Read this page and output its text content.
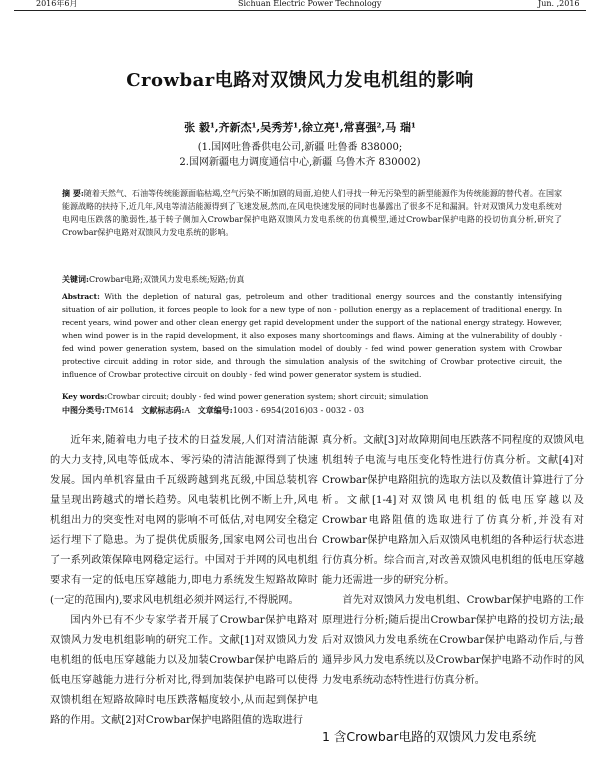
2016年6月	Sichuan Electric Power Technology	Jun. ,2016
Crowbar电路对双馈风力发电机组的影响
张 毅¹,齐新杰¹,吴秀芳¹,徐立亮¹,常喜强²,马 瑞¹
(1.国网吐鲁番供电公司,新疆 吐鲁番 838000;
2.国网新疆电力调度通信中心,新疆 乌鲁木齐 830002)
摘 要:随着天然气、石油等传统能源面临枯竭,空气污染不断加剧的局面,迫使人们寻找一种无污染型的新型能源作为传统能源的替代者。在国家能源战略的扶持下,近几年,风电等清洁能源得到了飞速发展,然而,在风电快速发展的同时也暴露出了很多不足和漏洞。针对双馈风力发电系统对电网电压跌落的脆弱性,基于转子侧加入Crowbar保护电路双馈风力发电系统的仿真模型,通过Crowbar保护电路的投切仿真分析,研究了Crowbar保护电路对双馈风力发电系统的影响。
关键词:Crowbar电路;双馈风力发电系统;短路;仿真
Abstract: With the depletion of natural gas, petroleum and other traditional energy sources and the constantly intensifying situation of air pollution, it forces people to look for a new type of non - pollution energy as a replacement of traditional energy. In recent years, wind power and other clean energy get rapid development under the support of the national energy strategy. However, when wind power is in the rapid development, it also exposes many shortcomings and flaws. Aiming at the vulnerability of doubly - fed wind power generation system, based on the simulation model of doubly - fed wind power generation system with Crowbar protective circuit adding in rotor side, and through the simulation analysis of the switching of Crowbar protective circuit, the influence of Crowbar protective circuit on doubly - fed wind power generator system is studied.
Key words:Crowbar circuit; doubly - fed wind power generation system; short circuit; simulation
中图分类号:TM614 文献标志码:A 文章编号:1003 - 6954(2016)03 - 0032 - 03

近年来,随着电力电子技术的日益发展,人们对清洁能源的大力支持,风电等低成本、零污染的清洁能源得到了快速发展。国内单机容量由千瓦级跨越到兆瓦级,中国总装机容量呈现出跨越式的增长趋势。风电装机比例不断上升,风电机组出力的突变性对电网的影响不可低估,对电网安全稳定运行埋下了隐患。为了提供优质服务,国家电网公司也出台了一系列政策保障电网稳定运行。中国对于并网的风电机组要求有一定的低电压穿越能力,即电力系统发生短路故障时(一定的范围内),要求风电机组必须并网运行,不得脱网。

国内外已有不少专家学者开展了Crowbar保护电路对双馈风力发电机组影响的研究工作。文献[1]对双馈风力发电机组的低电压穿越能力以及加装Crowbar保护电路后的低电压穿越能力进行分析对比,得到加装保护电路可以使得双馈机组在短路故障时电压跌落幅度较小,从而起到保护电路的作用。文献[2]对Crowbar保护电路阻值的选取进行

真分析。文献[3]对故障期间电压跌落不同程度的双馈风电机组转子电流与电压变化特性进行仿真分析。文献[4]对Crowbar保护电路阻抗的选取方法以及数值计算进行了分析。文献[1-4]对双馈风电机组的低电压穿越以及Crowbar电路阻值的选取进行了仿真分析,并没有对Crowbar保护电路加入后双馈风电机组的各种运行状态进行仿真分析。综合而言,对改善双馈风电机组的低电压穿越能力还需进一步的研究分析。

首先对双馈风力发电机组、Crowbar保护电路的工作原理进行分析;随后提出Crowbar保护电路的投切方法;最后对双馈风力发电系统在Crowbar保护电路动作后,与普通异步风力发电系统以及Crowbar保护电路不动作时的风力发电系统动态特性进行仿真分析。

1 含Crowbar电路的双馈风力发电系统
